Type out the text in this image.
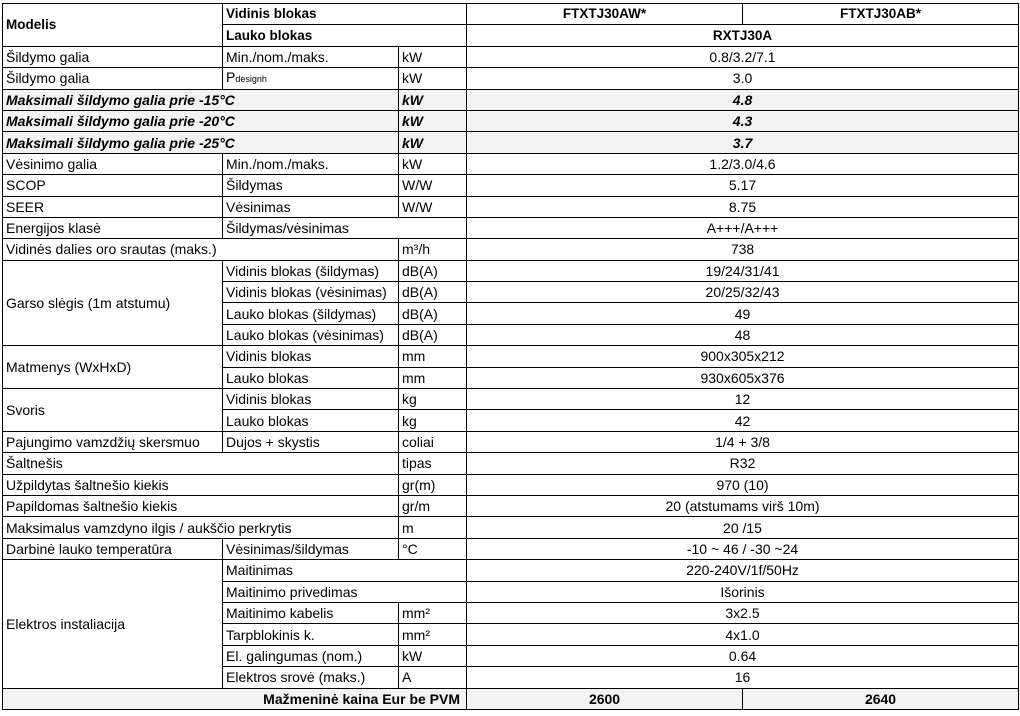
Modelis	Vidinis blokas		FTXTJ30AW*	FTXTJ30AB*
	Lauko blokas		RXTJ30A	
Šildymo galia	Min./nom./maks.	kW	0.8/3.2/7.1	
Šildymo galia	Pdesignh	kW	3.0	
Maksimali šildymo galia prie -15°C		kW	4.8	
Maksimali šildymo galia prie -20°C		kW	4.3	
Maksimali šildymo galia prie -25°C		kW	3.7	
Vėsinimo galia	Min./nom./maks.	kW	1.2/3.0/4.6	
SCOP	Šildymas	W/W	5.17	
SEER	Vėsinimas	W/W	8.75	
Energijos klasė	Šildymas/vėsinimas		A+++/A+++	
Vidinės dalies oro srautas (maks.)		m³/h	738	
Garso slėgis (1m atstumu)	Vidinis blokas (šildymas)	dB(A)	19/24/31/41	
	Vidinis blokas (vėsinimas)	dB(A)	20/25/32/43	
	Lauko blokas (šildymas)	dB(A)	49	
	Lauko blokas (vėsinimas)	dB(A)	48	
Matmenys (WxHxD)	Vidinis blokas	mm	900x305x212	
	Lauko blokas	mm	930x605x376	
Svoris	Vidinis blokas	kg	12	
	Lauko blokas	kg	42	
Pajungimo vamzdžių skersmuo	Dujos + skystis	coliai	1/4 + 3/8	
Šaltnešis		tipas	R32	
Užpildytas šaltnešio kiekis		gr(m)	970 (10)	
Papildomas šaltnešio kiekis		gr/m	20 (atstumams virš 10m)	
Maksimalus vamzdyno ilgis / aukščio perkrytis		m	20 /15	
Darbinė lauko temperatūra	Vėsinimas/šildymas	°C	-10 ~ 46 / -30 ~24	
Elektros instaliacija	Maitinimas		220-240V/1f/50Hz	
	Maitinimo privedimas		Išorinis	
	Maitinimo kabelis	mm²	3x2.5	
	Tarpblokinis k.	mm²	4x1.0	
	El. galingumas (nom.)	kW	0.64	
	Elektros srovė (maks.)	A	16	
Mažmeninė kaina Eur be PVM			2600	2640
